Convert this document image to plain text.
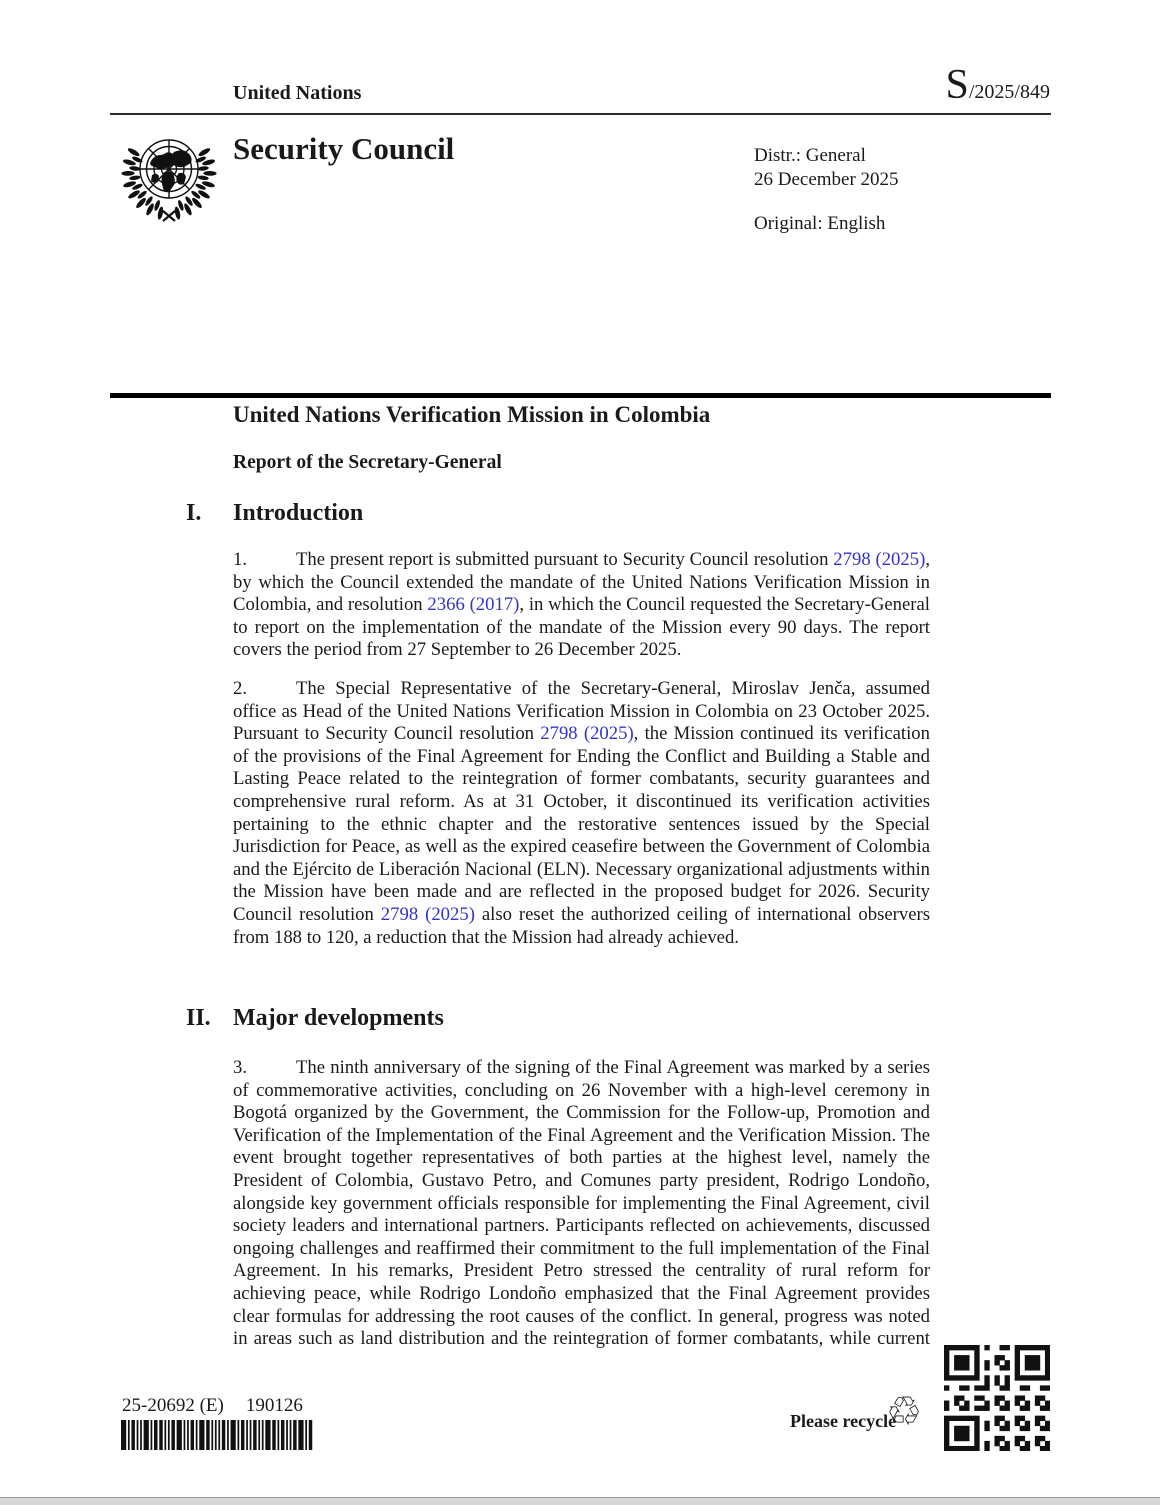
United Nations	S /2025/849
Security Council	Distr.: General
26 December 2025
Original: English
United Nations Verification Mission in Colombia
Report of the Secretary-General
I.	Introduction
1.	The present report is submitted pursuant to Security Council resolution 2798 (2025), by which the Council extended the mandate of the United Nations Verification Mission in Colombia, and resolution 2366 (2017), in which the Council requested the Secretary-General to report on the implementation of the mandate of the Mission every 90 days. The report covers the period from 27 September to 26 December 2025.
2.	The Special Representative of the Secretary-General, Miroslav Jenča, assumed office as Head of the United Nations Verification Mission in Colombia on 23 October 2025. Pursuant to Security Council resolution 2798 (2025), the Mission continued its verification of the provisions of the Final Agreement for Ending the Conflict and Building a Stable and Lasting Peace related to the reintegration of former combatants, security guarantees and comprehensive rural reform. As at 31 October, it discontinued its verification activities pertaining to the ethnic chapter and the restorative sentences issued by the Special Jurisdiction for Peace, as well as the expired ceasefire between the Government of Colombia and the Ejército de Liberación Nacional (ELN). Necessary organizational adjustments within the Mission have been made and are reflected in the proposed budget for 2026. Security Council resolution 2798 (2025) also reset the authorized ceiling of international observers from 188 to 120, a reduction that the Mission had already achieved.
II. Major developments
3.	The ninth anniversary of the signing of the Final Agreement was marked by a series of commemorative activities, concluding on 26 November with a high-level ceremony in Bogotá organized by the Government, the Commission for the Follow-up, Promotion and Verification of the Implementation of the Final Agreement and the Verification Mission. The event brought together representatives of both parties at the highest level, namely the President of Colombia, Gustavo Petro, and Comunes party president, Rodrigo Londoño, alongside key government officials responsible for implementing the Final Agreement, civil society leaders and international partners. Participants reflected on achievements, discussed ongoing challenges and reaffirmed their commitment to the full implementation of the Final Agreement. In his remarks, President Petro stressed the centrality of rural reform for achieving peace, while Rodrigo Londoño emphasized that the Final Agreement provides clear formulas for addressing the root causes of the conflict. In general, progress was noted in areas such as land distribution and the reintegration of former combatants, while current
25-20692 (E) 190126
Please recycle
♲
